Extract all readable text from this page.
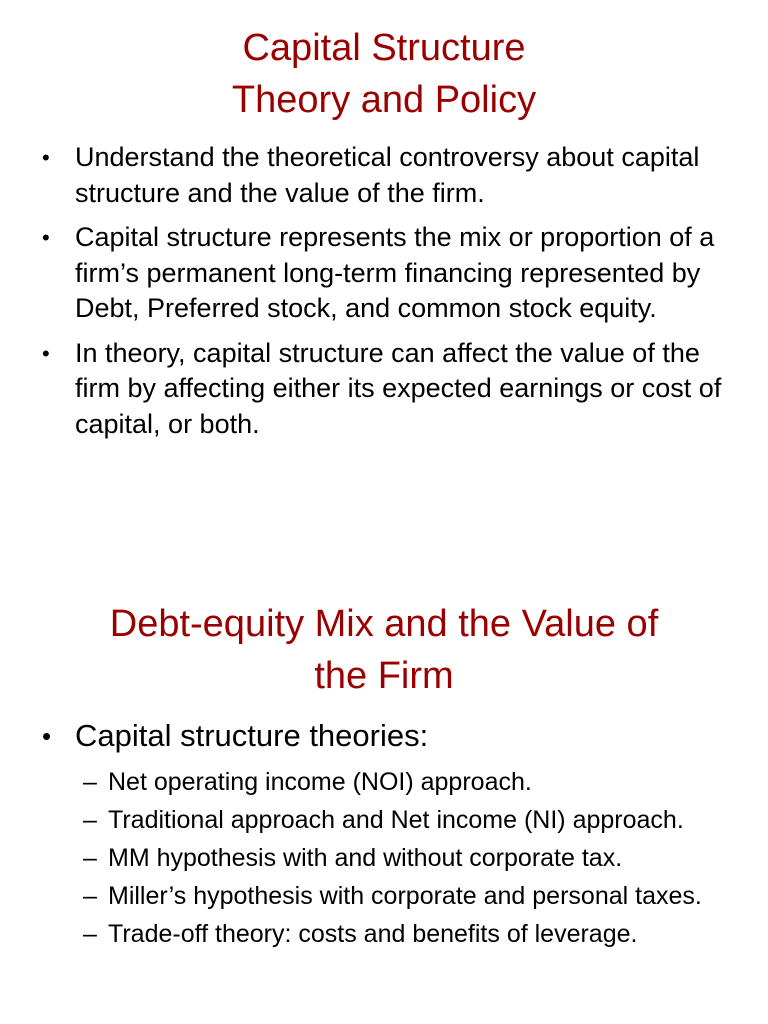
Capital Structure
Theory and Policy
• Understand the theoretical controversy about capital structure and the value of the firm.
• Capital structure represents the mix or proportion of a firm’s permanent long-term financing represented by Debt, Preferred stock, and common stock equity.
• In theory, capital structure can affect the value of the firm by affecting either its expected earnings or cost of capital, or both.
Debt-equity Mix and the Value of
the Firm
• Capital structure theories:
– Net operating income (NOI) approach.
– Traditional approach and Net income (NI) approach.
– MM hypothesis with and without corporate tax.
– Miller’s hypothesis with corporate and personal taxes.
– Trade-off theory: costs and benefits of leverage.
